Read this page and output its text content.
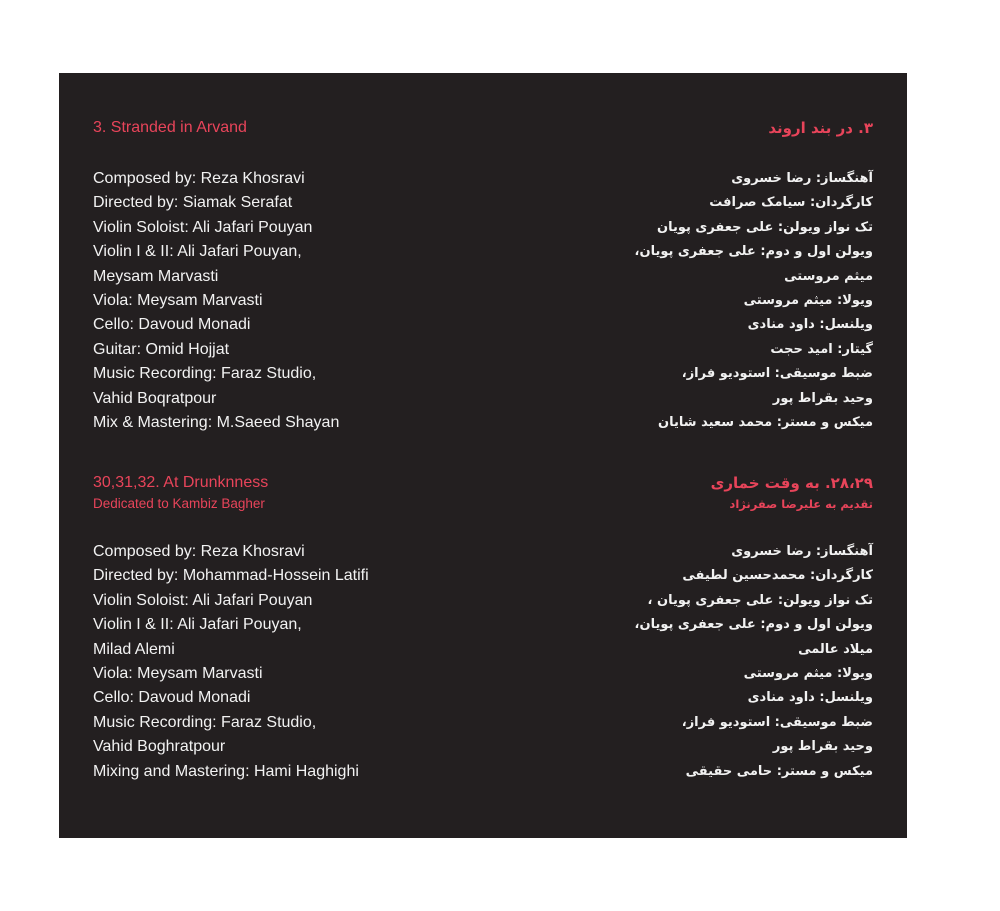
3. Stranded in Arvand
Composed by: Reza Khosravi
Directed by: Siamak Serafat
Violin Soloist: Ali Jafari Pouyan
Violin I & II: Ali Jafari Pouyan,
Meysam Marvasti
Viola: Meysam Marvasti
Cello: Davoud Monadi
Guitar: Omid Hojjat
Music Recording: Faraz Studio,
Vahid Boqratpour
Mix & Mastering: M.Saeed Shayan
30,31,32. At Drunknness

Dedicated to Kambiz Bagher

Composed by: Reza Khosravi
Directed by: Mohammad-Hossein Latifi
Violin Soloist: Ali Jafari Pouyan
Violin I & II: Ali Jafari Pouyan,
Milad Alemi
Viola: Meysam Marvasti
Cello: Davoud Monadi
Music Recording: Faraz Studio,
Vahid Boghratpour
Mixing and Mastering: Hami Haghighi
۳. در بند اروند
آهنگساز: رضا خسروی
کارگردان: سیامک صرافت
تک نواز ویولن: علی جعفری پویان
ویولن اول و دوم: علی جعفری پویان،
میثم مروستی
ویولا: میثم مروستی
ویلنسل: داود منادی
گیتار: امید حجت
ضبط موسیقی: استودیو فراز،
وحید بقراط پور
میکس و مستر: محمد سعید شایان
۲۸،۲۹. به وقت خماری

تقدیم به علیرضا صفرنژاد

آهنگساز: رضا خسروی
کارگردان: محمدحسین لطیفی
تک نواز ویولن: علی جعفری پویان ،
ویولن اول و دوم: علی جعفری پویان،
میلاد عالمی
ویولا: میثم مروستی
ویلنسل: داود منادی
ضبط موسیقی: استودیو فراز،
وحید بقراط پور
میکس و مستر: حامی حقیقی
